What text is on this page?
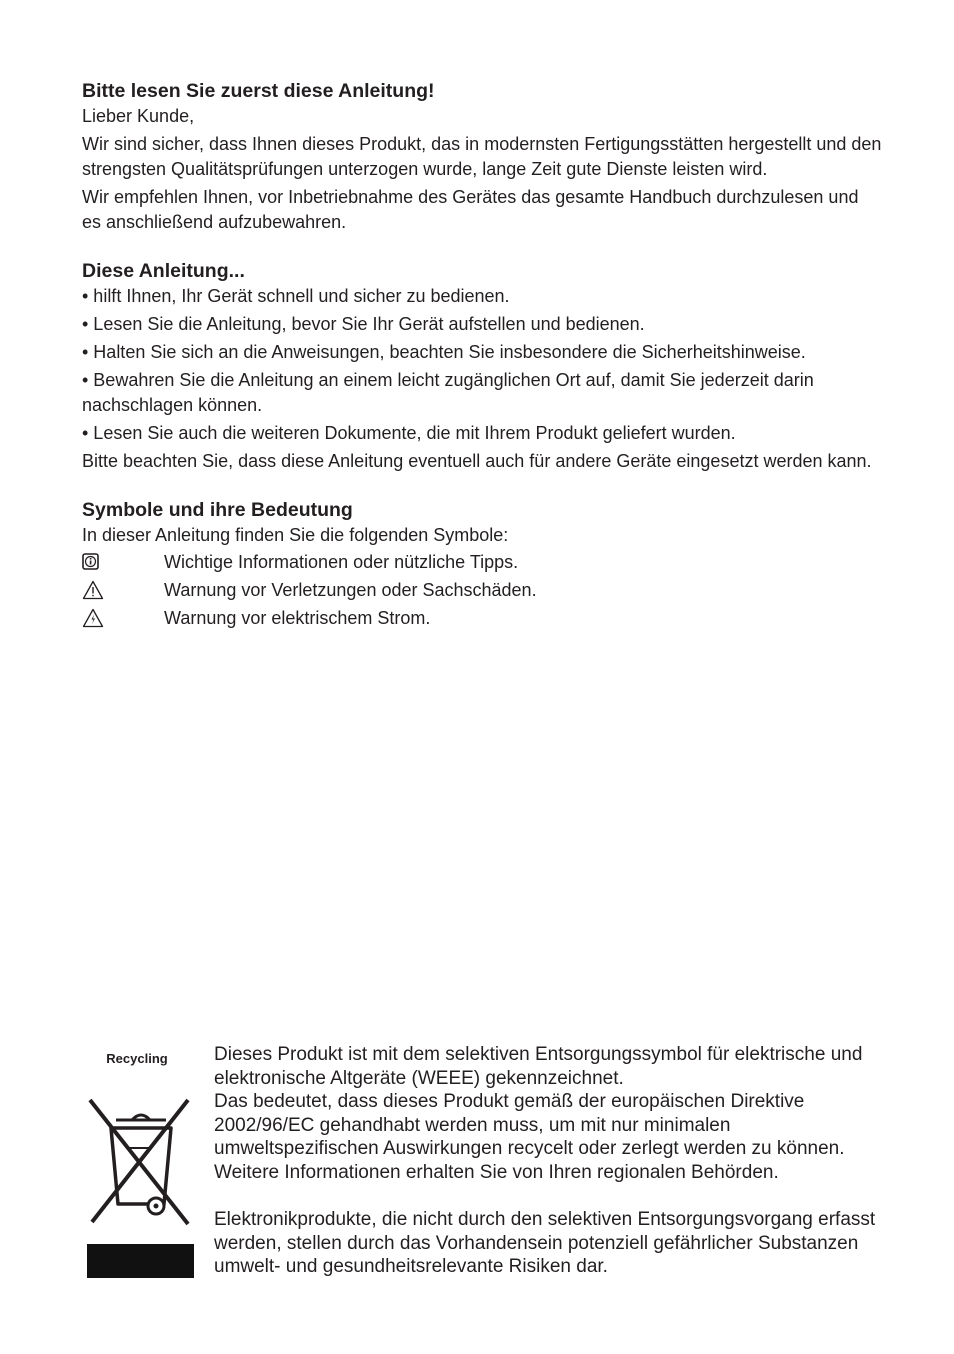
Bitte lesen Sie zuerst diese Anleitung!

Lieber Kunde,

Wir sind sicher, dass Ihnen dieses Produkt, das in modernsten Fertigungsstätten hergestellt und den strengsten Qualitätsprüfungen unterzogen wurde, lange Zeit gute Dienste leisten wird.

Wir empfehlen Ihnen, vor Inbetriebnahme des Gerätes das gesamte Handbuch durchzulesen und es anschließend aufzubewahren.

Diese Anleitung...

• hilft Ihnen, Ihr Gerät schnell und sicher zu bedienen.

• Lesen Sie die Anleitung, bevor Sie Ihr Gerät aufstellen und bedienen.

• Halten Sie sich an die Anweisungen, beachten Sie insbesondere die Sicherheitshinweise.

• Bewahren Sie die Anleitung an einem leicht zugänglichen Ort auf, damit Sie jederzeit darin nachschlagen können.

• Lesen Sie auch die weiteren Dokumente, die mit Ihrem Produkt geliefert wurden.

Bitte beachten Sie, dass diese Anleitung eventuell auch für andere Geräte eingesetzt werden kann.

Symbole und ihre Bedeutung

In dieser Anleitung finden Sie die folgenden Symbole:

Wichtige Informationen oder nützliche Tipps.
Warnung vor Verletzungen oder Sachschäden.
Warnung vor elektrischem Strom.
Recycling	Dieses Produkt ist mit dem selektiven Entsorgungssymbol für elektrische und elektronische Altgeräte (WEEE) gekennzeichnet.

Das bedeutet, dass dieses Produkt gemäß der europäischen Direktive 2002/96/EC gehandhabt werden muss, um mit nur minimalen umweltspezifischen Auswirkungen recycelt oder zerlegt werden zu können. Weitere Informationen erhalten Sie von Ihren regionalen Behörden.

Elektronikprodukte, die nicht durch den selektiven Entsorgungsvorgang erfasst werden, stellen durch das Vorhandensein potenziell gefährlicher Substanzen umwelt- und gesundheitsrelevante Risiken dar.
